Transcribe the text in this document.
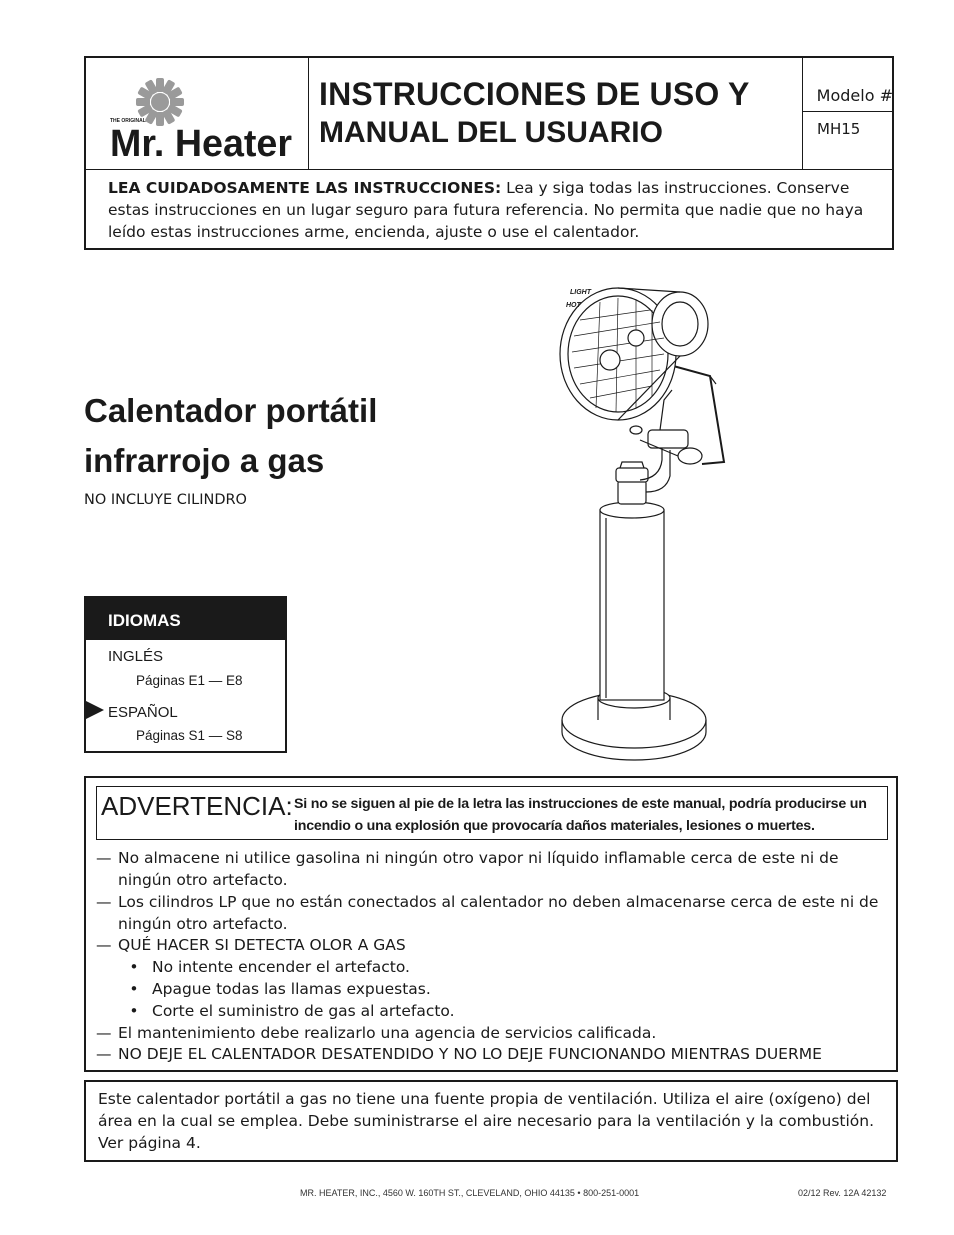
THE ORIGINAL
Mr. Heater
INSTRUCCIONES DE USO Y
MANUAL DEL USUARIO
Modelo #
MH15
LEA CUIDADOSAMENTE LAS INSTRUCCIONES: Lea y siga todas las instrucciones. Conserve estas instrucciones en un lugar seguro para futura referencia. No permita que nadie que no haya leído estas instrucciones arme, encienda, ajuste o use el calentador.
Calentador portátil
infrarrojo a gas
NO INCLUYE CILINDRO
LIGHT
HOT
IDIOMAS
INGLÉS
Páginas E1 — E8
ESPAÑOL
Páginas S1 — S8
ADVERTENCIA: Si no se siguen al pie de la letra las instrucciones de este manual, podría producirse un incendio o una explosión que provocaría daños materiales, lesiones o muertes.
— No almacene ni utilice gasolina ni ningún otro vapor ni líquido inflamable cerca de este ni de
ningún otro artefacto.
— Los cilindros LP que no están conectados al calentador no deben almacenarse cerca de este ni de
ningún otro artefacto.
— QUÉ HACER SI DETECTA OLOR A GAS
• No intente encender el artefacto.
• Apague todas las llamas expuestas.
• Corte el suministro de gas al artefacto.
— El mantenimiento debe realizarlo una agencia de servicios calificada.
— NO DEJE EL CALENTADOR DESATENDIDO Y NO LO DEJE FUNCIONANDO MIENTRAS DUERME
Este calentador portátil a gas no tiene una fuente propia de ventilación. Utiliza el aire (oxígeno) del área en la cual se emplea. Debe suministrarse el aire necesario para la ventilación y la combustión. Ver página 4.
MR. HEATER, INC., 4560 W. 160TH ST., CLEVELAND, OHIO 44135 • 800-251-0001	02/12 Rev. 12A 42132
